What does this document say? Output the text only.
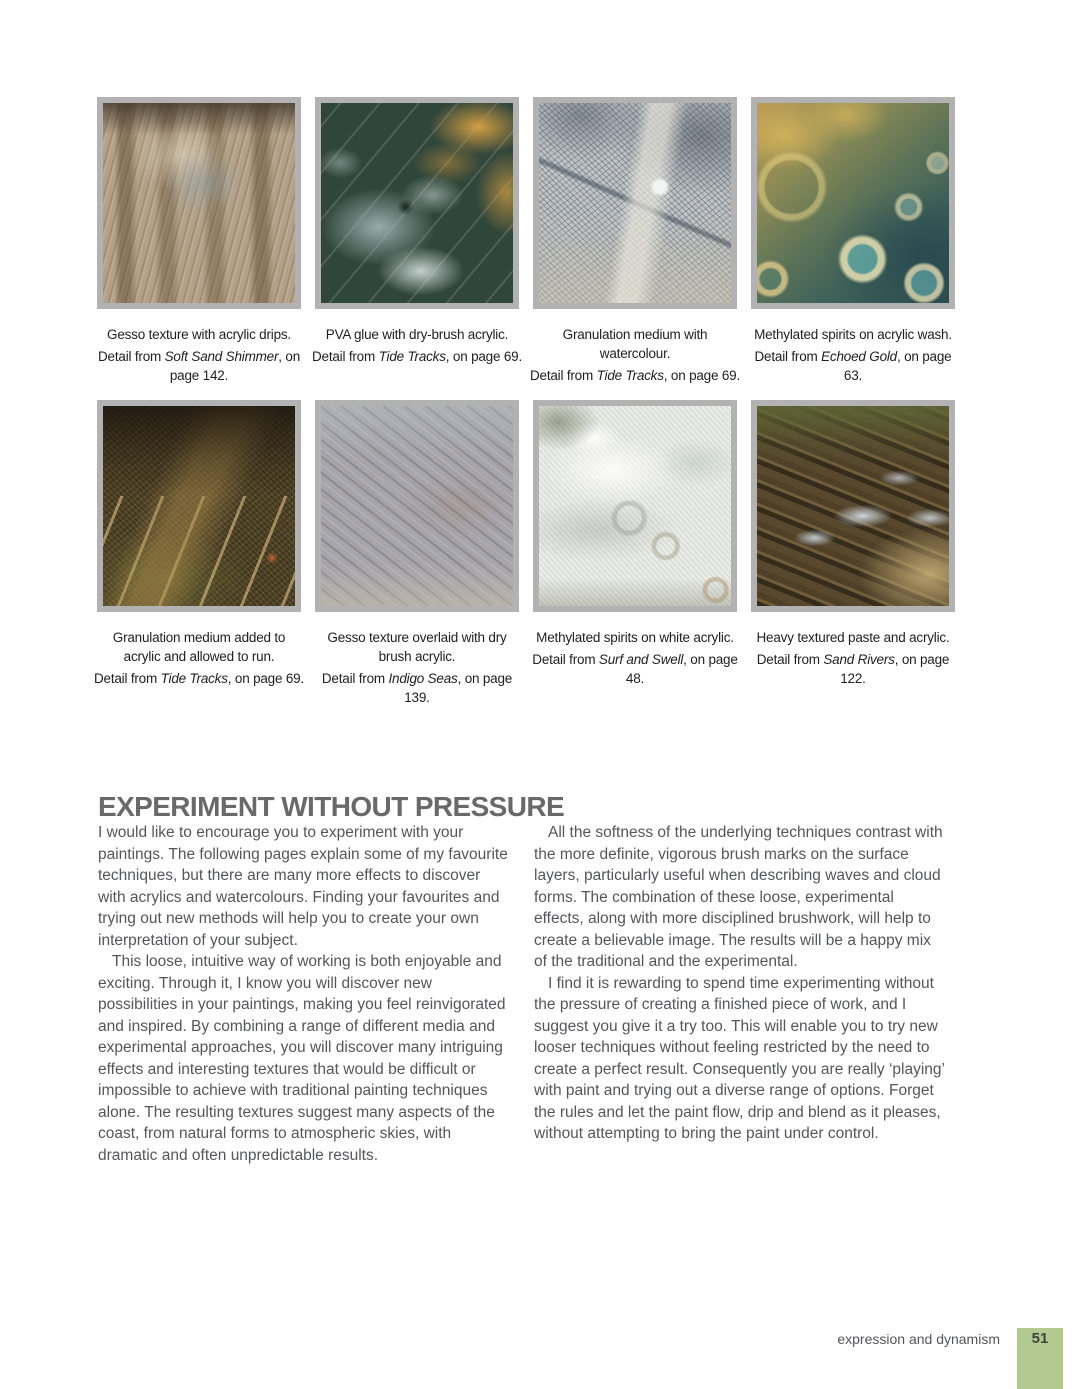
Gesso texture with acrylic drips.
Detail from Soft Sand Shimmer, on page 142.
PVA glue with dry-brush acrylic.
Detail from Tide Tracks, on page 69.
Granulation medium with watercolour.
Detail from Tide Tracks, on page 69.
Methylated spirits on acrylic wash.
Detail from Echoed Gold, on page 63.
Granulation medium added to acrylic and allowed to run.
Detail from Tide Tracks, on page 69.
Gesso texture overlaid with dry brush acrylic.
Detail from Indigo Seas, on page 139.
Methylated spirits on white acrylic.
Detail from Surf and Swell, on page 48.
Heavy textured paste and acrylic.
Detail from Sand Rivers, on page 122.
EXPERIMENT WITHOUT PRESSURE

I would like to encourage you to experiment with your paintings. The following pages explain some of my favourite techniques, but there are many more effects to discover with acrylics and watercolours. Finding your favourites and trying out new methods will help you to create your own interpretation of your subject.

This loose, intuitive way of working is both enjoyable and exciting. Through it, I know you will discover new possibilities in your paintings, making you feel reinvigorated and inspired. By combining a range of different media and experimental approaches, you will discover many intriguing effects and interesting textures that would be difficult or impossible to achieve with traditional painting techniques alone. The resulting textures suggest many aspects of the coast, from natural forms to atmospheric skies, with dramatic and often unpredictable results.

All the softness of the underlying techniques contrast with the more definite, vigorous brush marks on the surface layers, particularly useful when describing waves and cloud forms. The combination of these loose, experimental effects, along with more disciplined brushwork, will help to create a believable image. The results will be a happy mix of the traditional and the experimental.

I find it is rewarding to spend time experimenting without the pressure of creating a finished piece of work, and I suggest you give it a try too. This will enable you to try new looser techniques without feeling restricted by the need to create a perfect result. Consequently you are really ‘playing’ with paint and trying out a diverse range of options. Forget the rules and let the paint flow, drip and blend as it pleases, without attempting to bring the paint under control.

expression and dynamism	51
